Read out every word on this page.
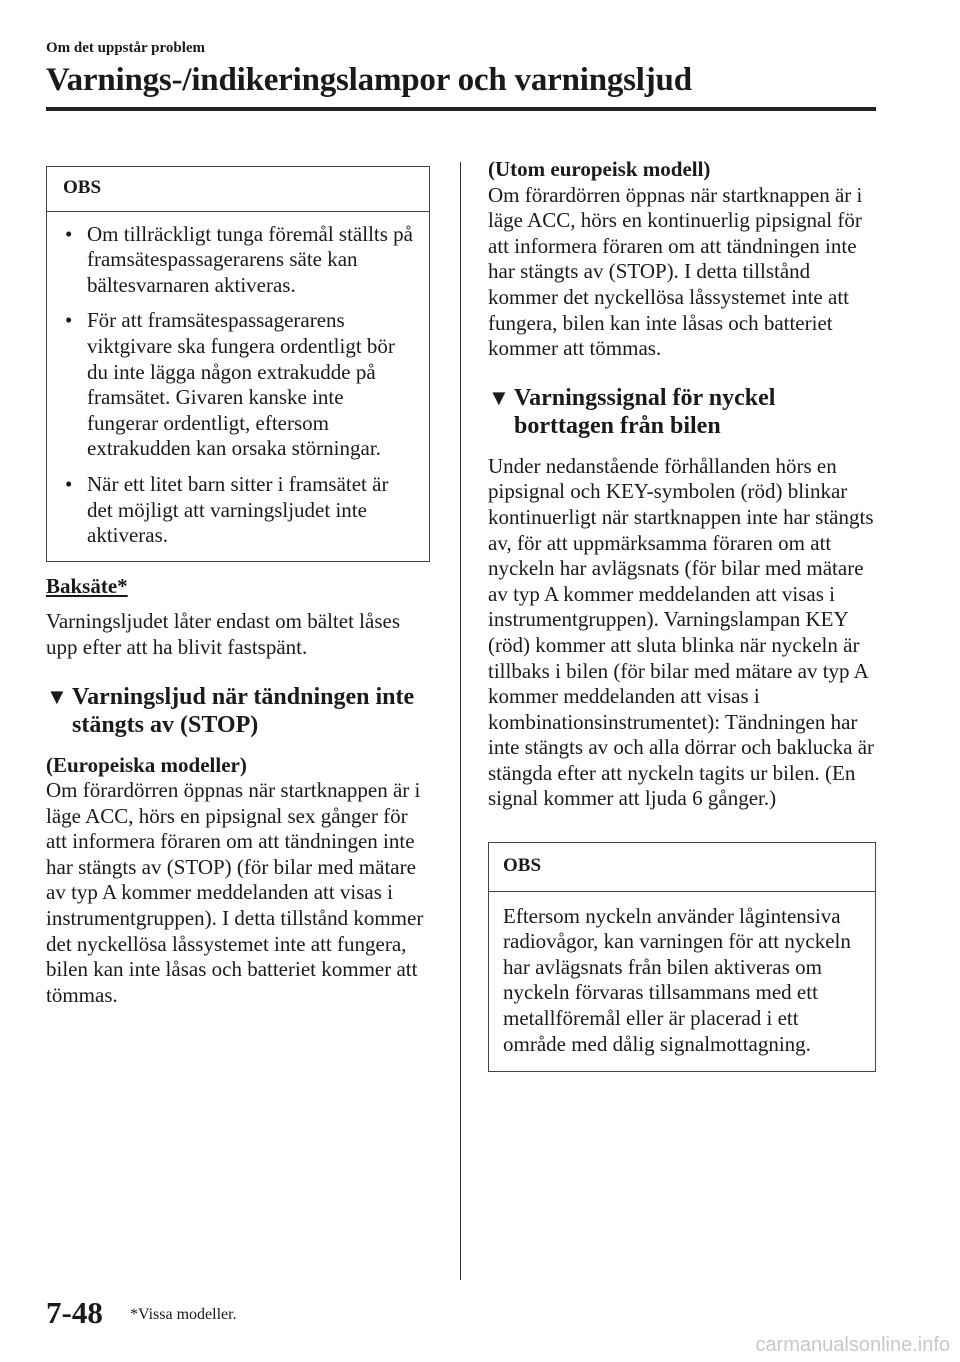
Om det uppstår problem
Varnings-/indikeringslampor och varningsljud
OBS
• Om tillräckligt tunga föremål ställts på framsätespassagerarens säte kan bältesvarnaren aktiveras.
• För att framsätespassagerarens viktgivare ska fungera ordentligt bör du inte lägga någon extrakudde på framsätet. Givaren kanske inte fungerar ordentligt, eftersom extrakudden kan orsaka störningar.
• När ett litet barn sitter i framsätet är det möjligt att varningsljudet inte aktiveras.

Baksäte*

Varningsljudet låter endast om bältet låses upp efter att ha blivit fastspänt.

▼ Varningsljud när tändningen inte stängts av (STOP)

(Europeiska modeller)

Om förardörren öppnas när startknappen är i läge ACC, hörs en pipsignal sex gånger för att informera föraren om att tändningen inte har stängts av (STOP) (för bilar med mätare av typ A kommer meddelanden att visas i instrumentgruppen). I detta tillstånd kommer det nyckellösa låssystemet inte att fungera, bilen kan inte låsas och batteriet kommer att tömmas.

(Utom europeisk modell)

Om förardörren öppnas när startknappen är i läge ACC, hörs en kontinuerlig pipsignal för att informera föraren om att tändningen inte har stängts av (STOP). I detta tillstånd kommer det nyckellösa låssystemet inte att fungera, bilen kan inte låsas och batteriet kommer att tömmas.

▼ Varningssignal för nyckel borttagen från bilen

Under nedanstående förhållanden hörs en pipsignal och KEY-symbolen (röd) blinkar kontinuerligt när startknappen inte har stängts av, för att uppmärksamma föraren om att nyckeln har avlägsnats (för bilar med mätare av typ A kommer meddelanden att visas i instrumentgruppen). Varningslampan KEY (röd) kommer att sluta blinka när nyckeln är tillbaks i bilen (för bilar med mätare av typ A kommer meddelanden att visas i kombinationsinstrumentet): Tändningen har inte stängts av och alla dörrar och baklucka är stängda efter att nyckeln tagits ur bilen. (En signal kommer att ljuda 6 gånger.)

OBS
Eftersom nyckeln använder lågintensiva radiovågor, kan varningen för att nyckeln har avlägsnats från bilen aktiveras om nyckeln förvaras tillsammans med ett metallföremål eller är placerad i ett område med dålig signalmottagning.
7-48 *Vissa modeller.
carmanualsonline.info
